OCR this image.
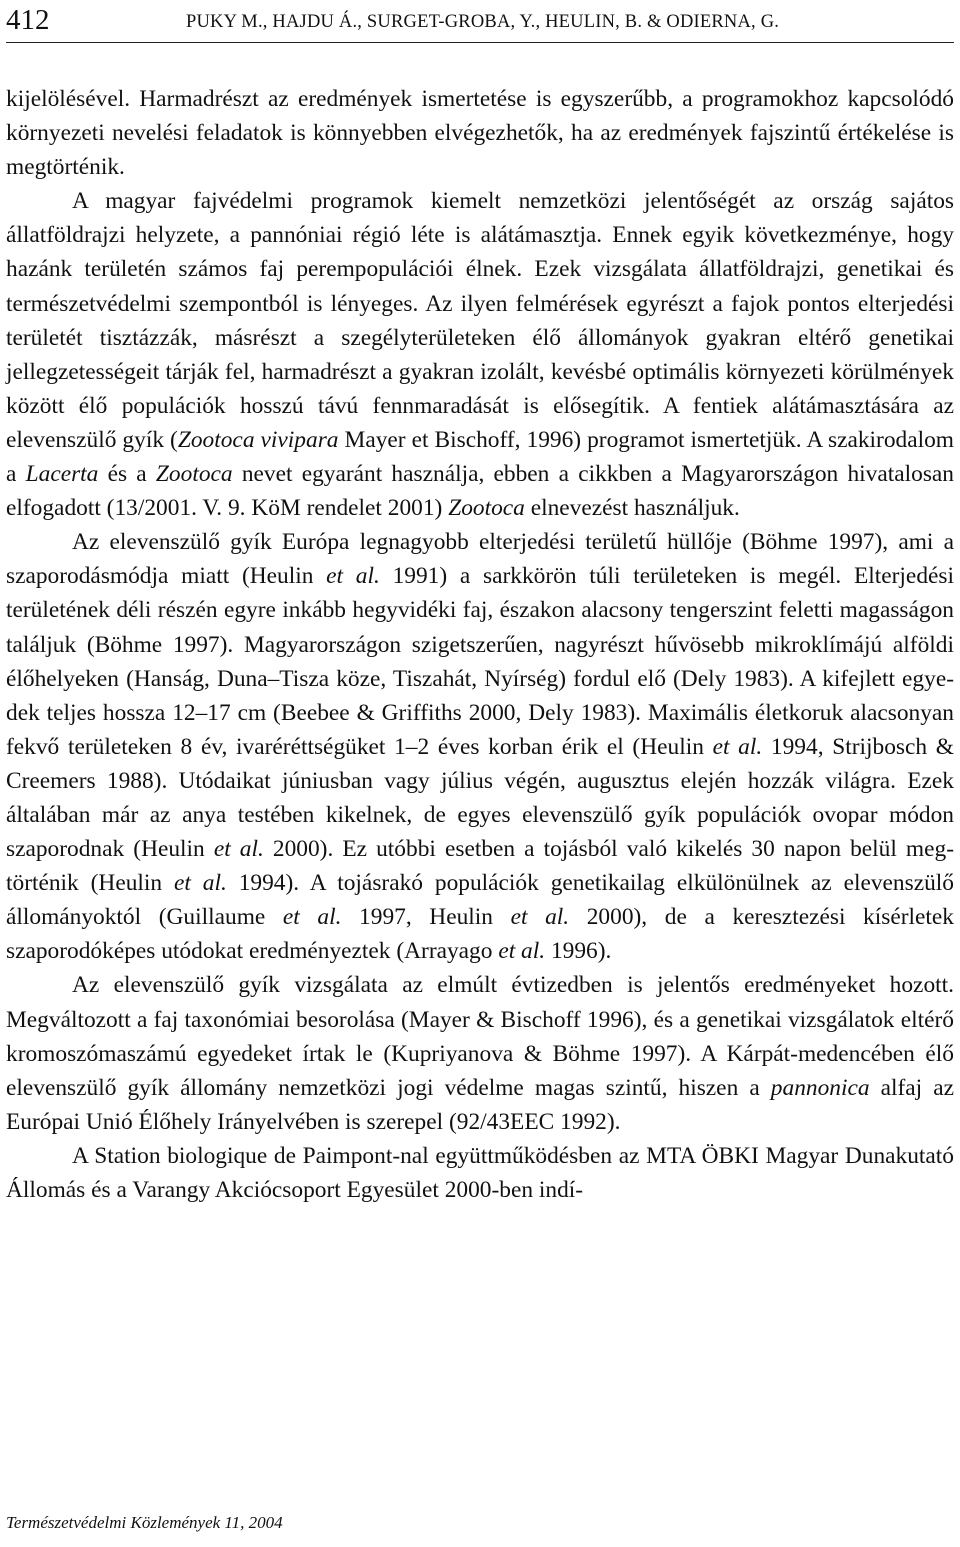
412	PUKY M., HAJDU Á., SURGET-GROBA, Y., HEULIN, B. & ODIERNA, G.

kijelölésével. Harmadrészt az eredmények ismertetése is egyszerűbb, a programokhoz kapcsolódó környezeti nevelési feladatok is könnyebben elvégezhetők, ha az eredmények fajszintű értékelése is megtörténik.

A magyar fajvédelmi programok kiemelt nemzetközi jelentőségét az ország sajátos állatföldrajzi helyzete, a pannóniai régió léte is alátámasztja. Ennek egyik következménye, hogy hazánk területén számos faj perempopulációi élnek. Ezek vizsgálata állatföldrajzi, genetikai és természetvédelmi szempontból is lényeges. Az ilyen felmérések egyrészt a fajok pontos elterjedési területét tisztázzák, másrészt a szegélyterületeken élő állományok gyakran eltérő genetikai jellegzetességeit tárják fel, harmadrészt a gyakran izolált, kevésbé optimális környezeti körülmények között élő populációk hosszú távú fennmaradását is elősegítik. A fentiek alátámasztására az elevenszülő gyík (Zootoca vivipara Mayer et Bischoff, 1996) programot ismertetjük. A szakirodalom a Lacerta és a Zootoca nevet egyaránt használja, ebben a cikkben a Magyarországon hivatalosan elfogadott (13/2001. V. 9. KöM rendelet 2001) Zootoca elnevezést használjuk.

Az elevenszülő gyík Európa legnagyobb elterjedési területű hüllője (Böhme 1997), ami a szaporodásmódja miatt (Heulin et al. 1991) a sarkkörön túli területeken is megél. Elterjedési területének déli részén egyre inkább hegyvidéki faj, északon alacsony tengerszint feletti magasságon találjuk (Böhme 1997). Magyarországon szigetszerűen, nagyrészt hűvösebb mikroklímájú alföldi élőhelyeken (Hanság, Duna–Tisza köze, Tiszahát, Nyírség) fordul elő (Dely 1983). A kifejlett egyedek teljes hossza 12–17 cm (Beebee & Griffiths 2000, Dely 1983). Maximális életkoruk alacsonyan fekvő területeken 8 év, ivaréréttségüket 1–2 éves korban érik el (Heulin et al. 1994, Strijbosch & Creemers 1988). Utódaikat júniusban vagy július végén, augusztus elején hozzák világra. Ezek általában már az anya testében kikelnek, de egyes elevenszülő gyík populációk ovopar módon szaporodnak (Heulin et al. 2000). Ez utóbbi esetben a tojásból való kikelés 30 napon belül megtörténik (Heulin et al. 1994). A tojásrakó populációk genetikailag elkülönülnek az elevenszülő állományoktól (Guillaume et al. 1997, Heulin et al. 2000), de a keresztezési kísérletek szaporodóképes utódokat eredményeztek (Arrayago et al. 1996).

Az elevenszülő gyík vizsgálata az elmúlt évtizedben is jelentős eredményeket hozott. Megváltozott a faj taxonómiai besorolása (Mayer & Bischoff 1996), és a genetikai vizsgálatok eltérő kromoszómaszámú egyedeket írtak le (Kupriyanova & Böhme 1997). A Kárpát-medencében élő elevenszülő gyík állomány nemzetközi jogi védelme magas szintű, hiszen a pannonica alfaj az Európai Unió Élőhely Irányelvében is szerepel (92/43EEC 1992).

A Station biologique de Paimpont-nal együttműködésben az MTA ÖBKI Magyar Dunakutató Állomás és a Varangy Akciócsoport Egyesület 2000-ben indí-

Természetvédelmi Közlemények 11, 2004
